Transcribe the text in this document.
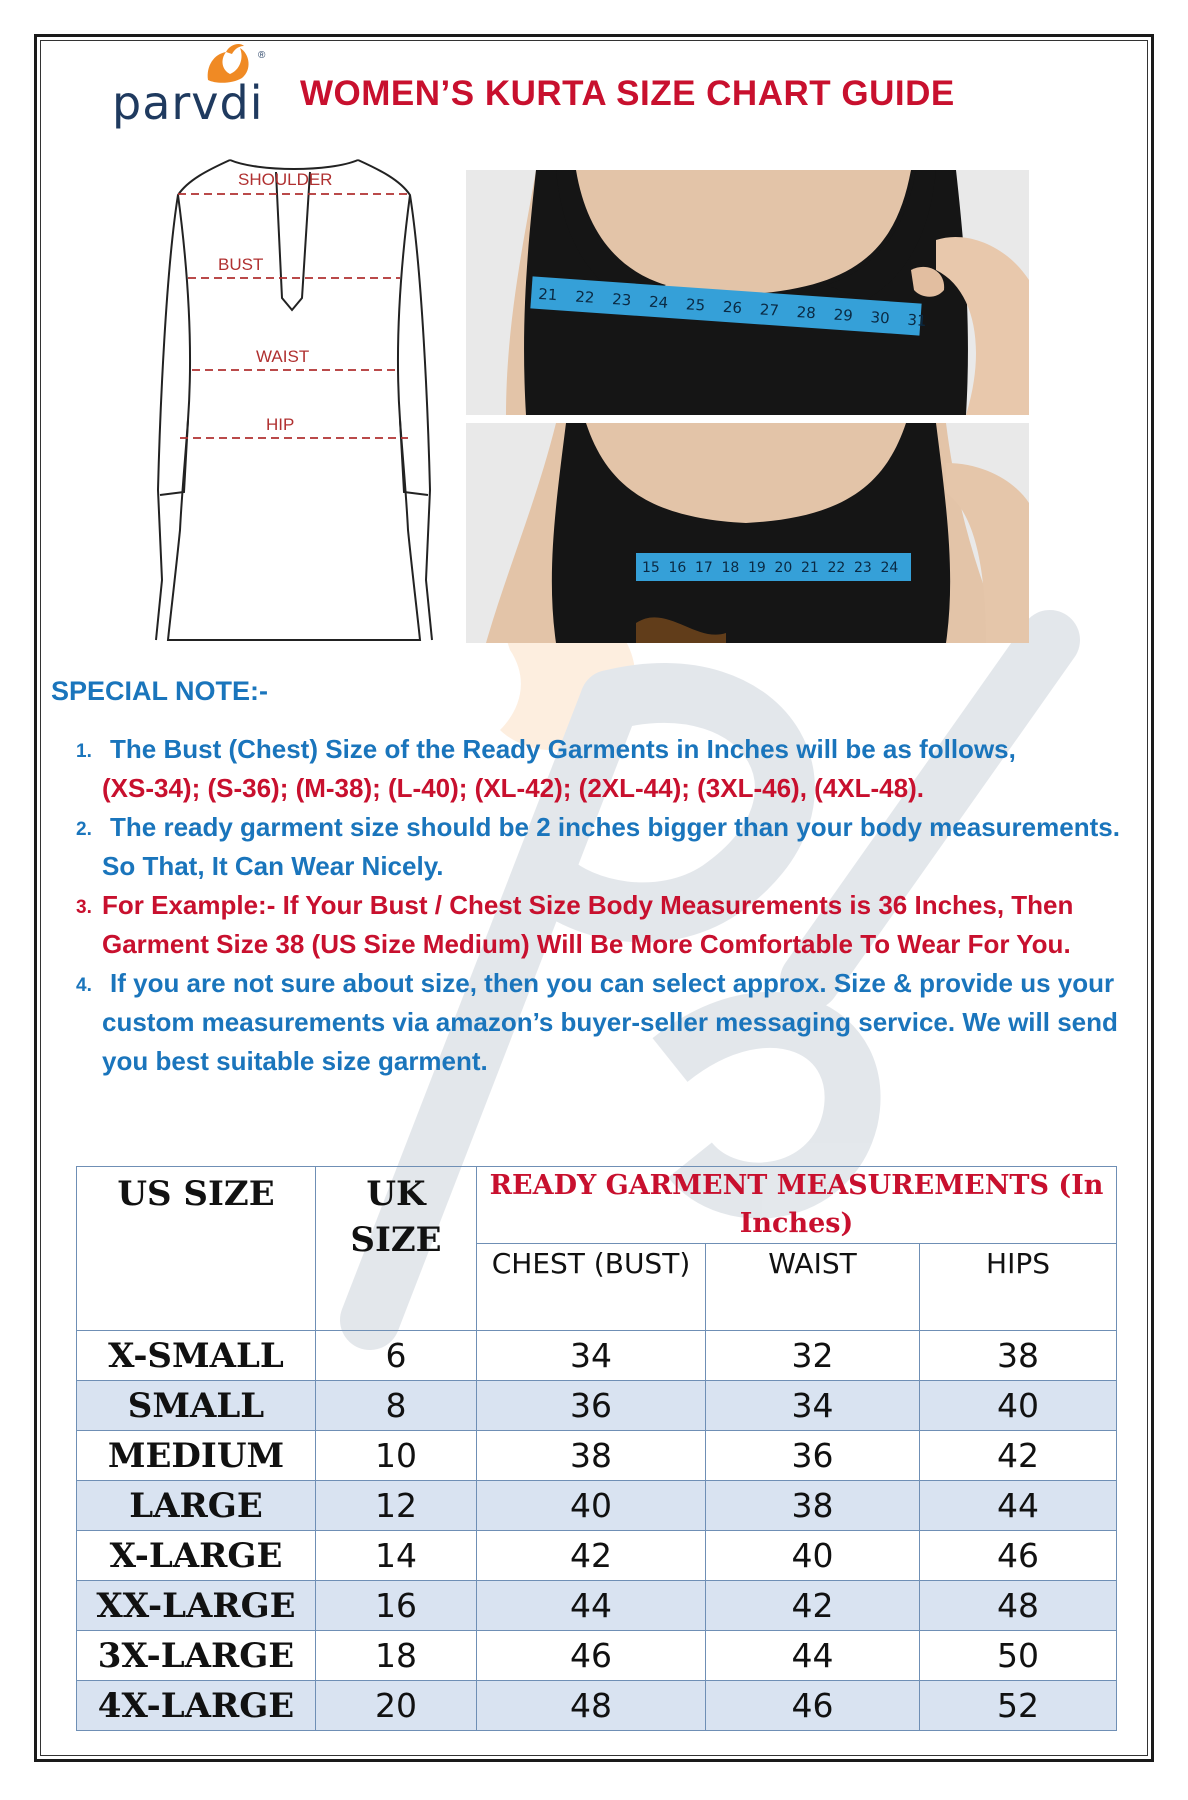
®
parvdi WOMEN’S KURTA SIZE CHART GUIDE
SHOULDER
BUST
WAIST
HIP
21 22 23 24 25 26 27 28 29 30 31
15 16 17 18 19 20 21 22 23 24
SPECIAL NOTE:-
1. The Bust (Chest) Size of the Ready Garments in Inches will be as follows,
(XS-34); (S-36); (M-38); (L-40); (XL-42); (2XL-44); (3XL-46), (4XL-48).
2. The ready garment size should be 2 inches bigger than your body measurements. So That, It Can Wear Nicely.
3. For Example:- If Your Bust / Chest Size Body Measurements is 36 Inches, Then Garment Size 38 (US Size Medium) Will Be More Comfortable To Wear For You.
4. If you are not sure about size, then you can select approx. Size & provide us your custom measurements via amazon’s buyer-seller messaging service. We will send you best suitable size garment.
US SIZE	UK SIZE	READY GARMENT MEASUREMENTS (In Inches)		
		CHEST (BUST)	WAIST	HIPS
X-SMALL	6	34	32	38
SMALL	8	36	34	40
MEDIUM	10	38	36	42
LARGE	12	40	38	44
X-LARGE	14	42	40	46
XX-LARGE	16	44	42	48
3X-LARGE	18	46	44	50
4X-LARGE	20	48	46	52
